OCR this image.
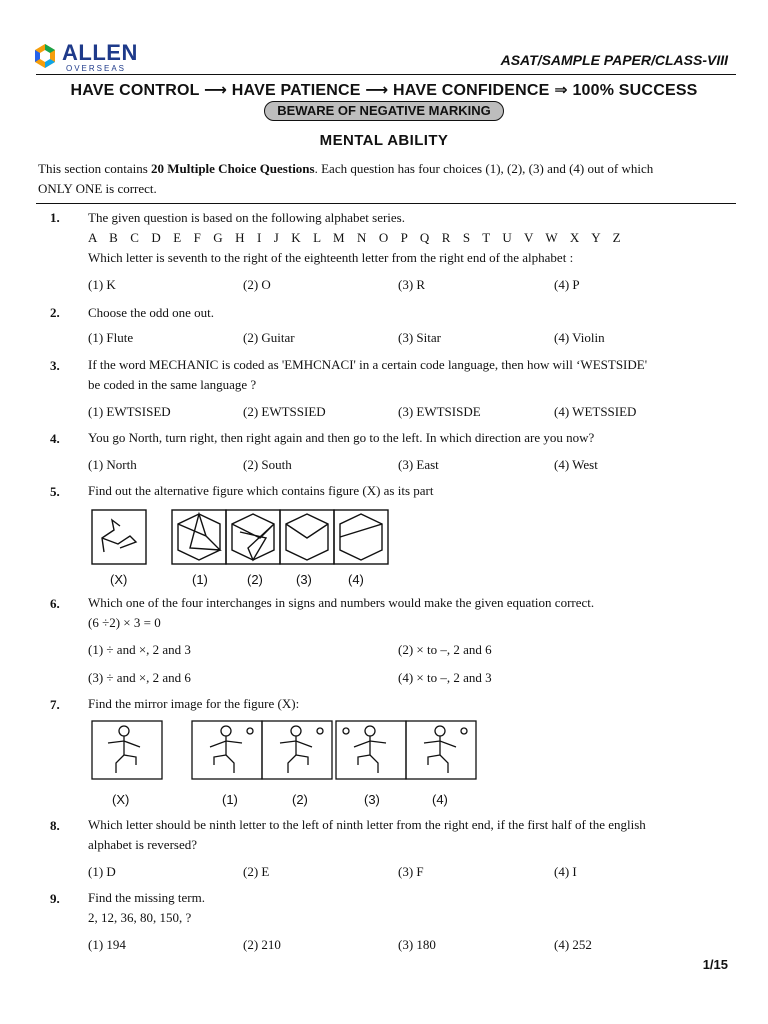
ALLEN
OVERSEAS
ASAT/SAMPLE PAPER/CLASS-VIII
HAVE CONTROL ⟶ HAVE PATIENCE ⟶ HAVE CONFIDENCE ⇒ 100% SUCCESS
BEWARE OF NEGATIVE MARKING
MENTAL ABILITY
This section contains 20 Multiple Choice Questions. Each question has four choices (1), (2), (3) and (4) out of which
ONLY ONE is correct.
1. The given question is based on the following alphabet series.
A B C D E F G H I J K L M N O P Q R S T U V W X Y Z
Which letter is seventh to the right of the eighteenth letter from the right end of the alphabet :
(1) K	(2) O	(3) R	(4) P
2. Choose the odd one out.
(1) Flute	(2) Guitar	(3) Sitar	(4) Violin
3. If the word MECHANIC is coded as 'EMHCNACI' in a certain code language, then how will ‘WESTSIDE'
be coded in the same language ?
(1) EWTSISED	(2) EWTSSIED	(3) EWTSISDE	(4) WETSSIED
4. You go North, turn right, then right again and then go to the left. In which direction are you now?
(1) North	(2) South	(3) East	(4) West
5. Find out the alternative figure which contains figure (X) as its part
(X)	(1)	(2)	(3)	(4)
6. Which one of the four interchanges in signs and numbers would make the given equation correct.
(6 ÷2) × 3 = 0
(1) ÷ and ×, 2 and 3	(2) × to –, 2 and 6
(3) ÷ and ×, 2 and 6	(4) × to –, 2 and 3
7. Find the mirror image for the figure (X):
(X)	(1)	(2)	(3)	(4)
8. Which letter should be ninth letter to the left of ninth letter from the right end, if the first half of the english
alphabet is reversed?
(1) D	(2) E	(3) F	(4) I
9. Find the missing term.
2, 12, 36, 80, 150, ?
(1) 194	(2) 210	(3) 180	(4) 252
1/15
